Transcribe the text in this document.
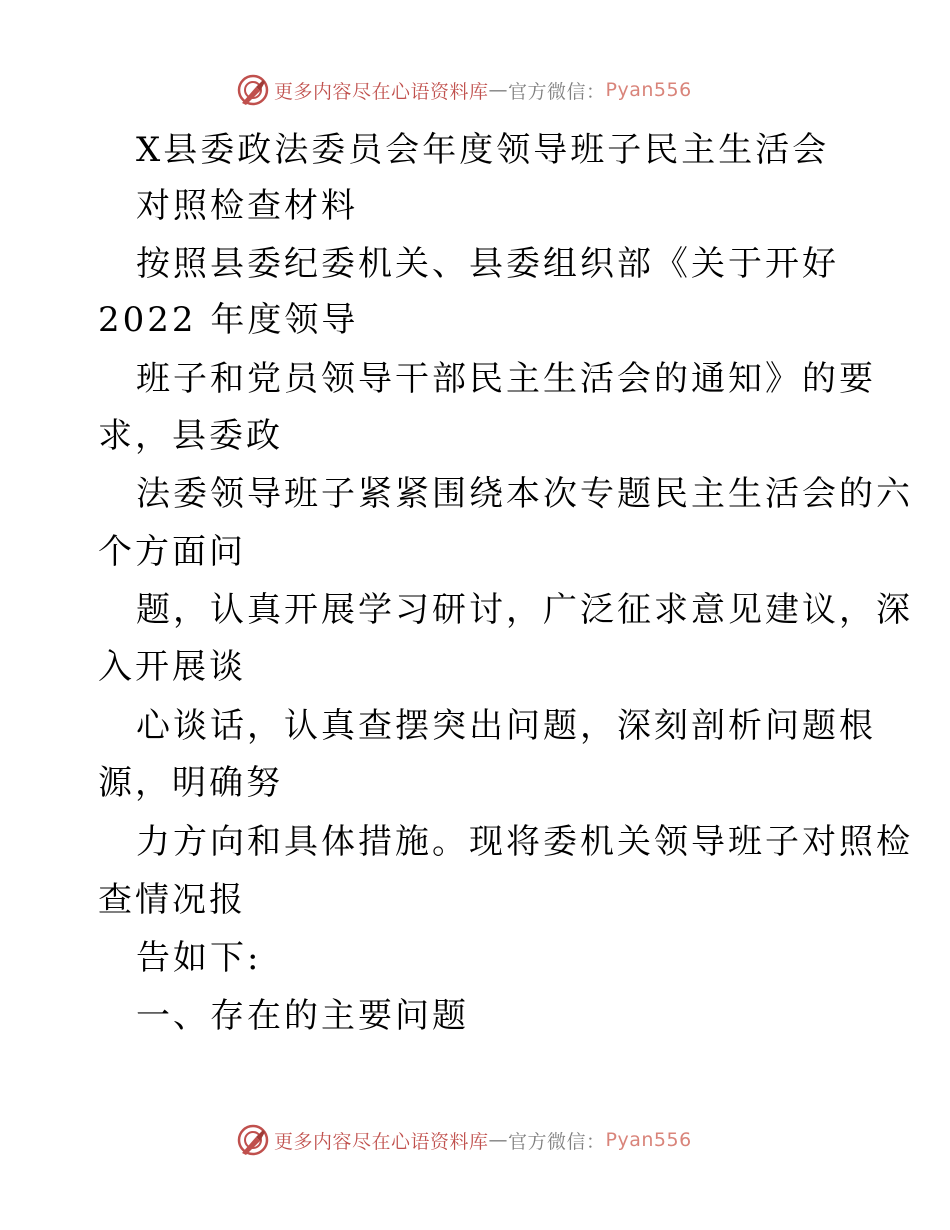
更多内容尽在心语资料库 — 官方微信： Pyan556
X县委政法委员会年度领导班子民主生活会
对照检查材料
按照县委纪委机关、县委组织部《关于开好
2022 年度领导
班子和党员领导干部民主生活会的通知》的要
求，县委政
法委领导班子紧紧围绕本次专题民主生活会的六
个方面问
题，认真开展学习研讨，广泛征求意见建议，深
入开展谈
心谈话，认真查摆突出问题，深刻剖析问题根
源，明确努
力方向和具体措施。现将委机关领导班子对照检
查情况报
告如下:
一、存在的主要问题
更多内容尽在心语资料库 — 官方微信： Pyan556
